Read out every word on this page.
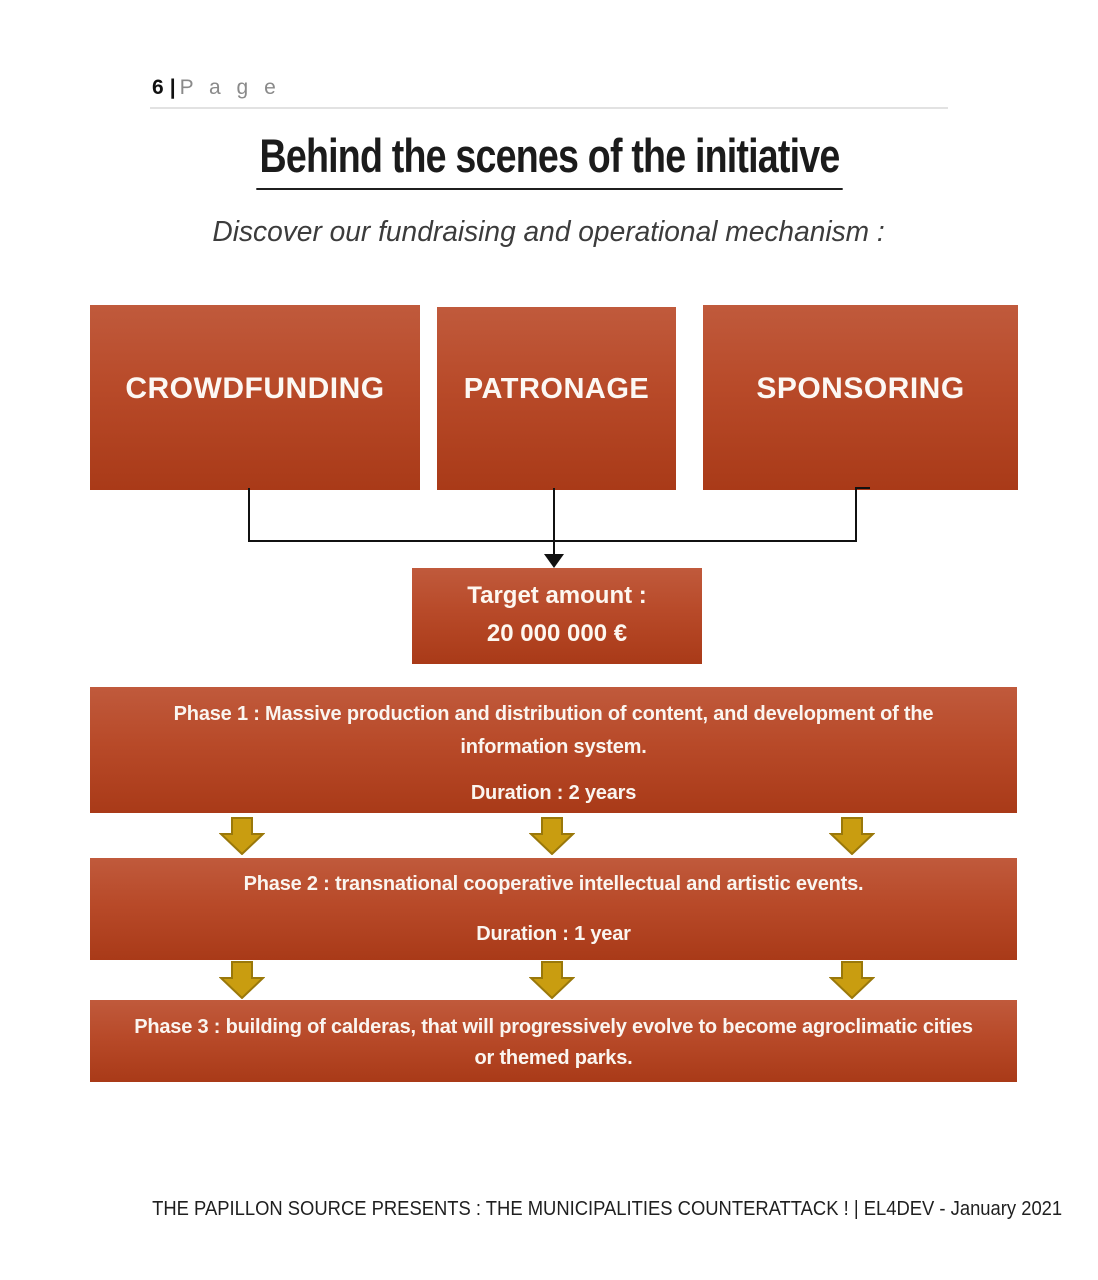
6 | P a g e
Behind the scenes of the initiative
Discover our fundraising and operational mechanism :
CROWDFUNDING	PATRONAGE	SPONSORING
Target amount :
20 000 000 €
Phase 1 : Massive production and distribution of content, and development of the
information system.
Duration : 2 years
Phase 2 : transnational cooperative intellectual and artistic events.
Duration : 1 year
Phase 3 : building of calderas, that will progressively evolve to become agroclimatic cities
or themed parks.
THE PAPILLON SOURCE PRESENTS : THE MUNICIPALITIES COUNTERATTACK ! | EL4DEV - January 2021
